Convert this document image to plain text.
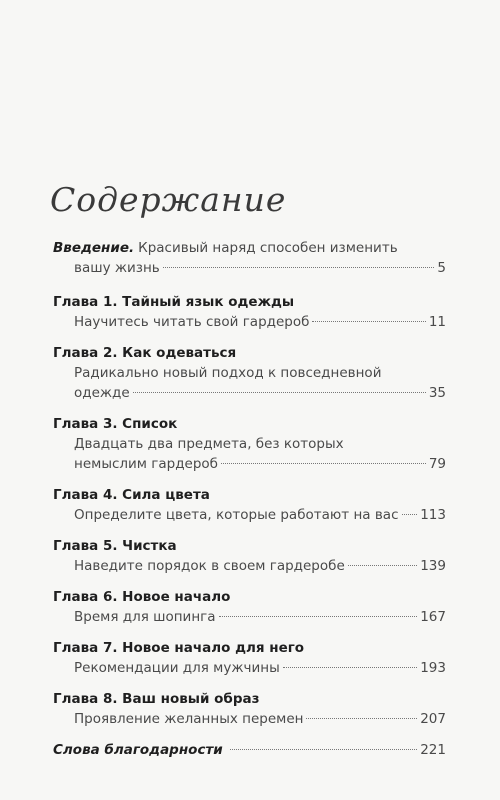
Содержание
Введение. Красивый наряд способен изменить
вашу жизнь	5
Глава 1. Тайный язык одежды
Научитесь читать свой гардероб	11
Глава 2. Как одеваться
Радикально новый подход к повседневной
одежде	35
Глава 3. Список
Двадцать два предмета, без которых
немыслим гардероб	79
Глава 4. Сила цвета
Определите цвета, которые работают на вас 113
Глава 5. Чистка
Наведите порядок в своем гардеробе	139
Глава 6. Новое начало
Время для шопинга	167
Глава 7. Новое начало для него
Рекомендации для мужчины	193
Глава 8. Ваш новый образ
Проявление желанных перемен	207
Слова благодарности	221
